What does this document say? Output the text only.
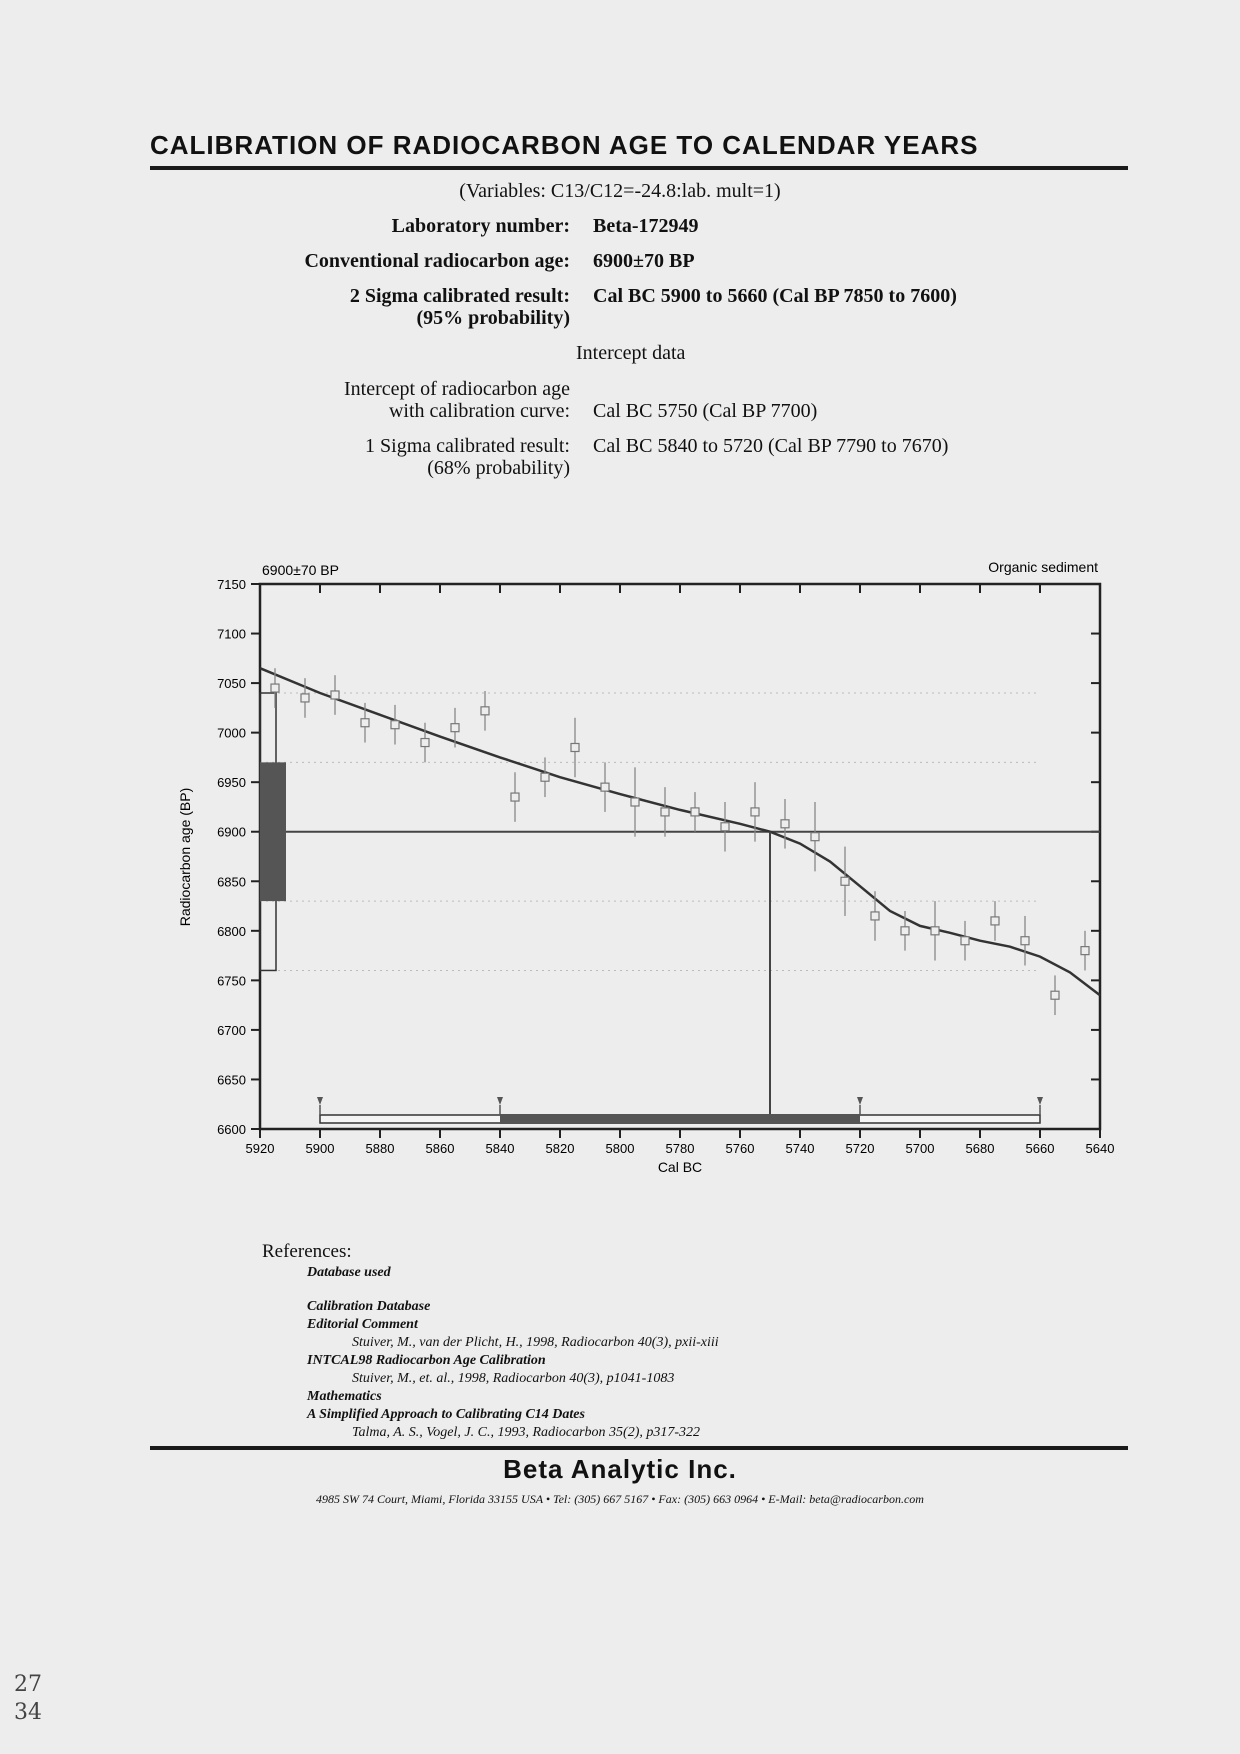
CALIBRATION OF RADIOCARBON AGE TO CALENDAR YEARS
(Variables: C13/C12=-24.8:lab. mult=1)
Laboratory number: Beta-172949
Conventional radiocarbon age: 6900±70 BP
2 Sigma calibrated result:
(95% probability)
Cal BC 5900 to 5660 (Cal BP 7850 to 7600)
Intercept data
Intercept of radiocarbon age
with calibration curve: Cal BC 5750 (Cal BP 7700)
1 Sigma calibrated result:
(68% probability)
Cal BC 5840 to 5720 (Cal BP 7790 to 7670)
6900±70 BP	Organic sediment
Cal BC
Radiocarbon age (BP)
6600
6650
6700
6750
6800
6850
6900
6950
7000
7050
7100
7150
5920 5900 5880 5860 5840 5820 5800 5780 5760 5740 5720 5700 5680 5660 5640
References:
Database used
Calibration Database
Editorial Comment
Stuiver, M., van der Plicht, H., 1998, Radiocarbon 40(3), pxii-xiii
INTCAL98 Radiocarbon Age Calibration
Stuiver, M., et. al., 1998, Radiocarbon 40(3), p1041-1083
Mathematics
A Simplified Approach to Calibrating C14 Dates
Talma, A. S., Vogel, J. C., 1993, Radiocarbon 35(2), p317-322
Beta Analytic Inc.
4985 SW 74 Court, Miami, Florida 33155 USA • Tel: (305) 667 5167 • Fax: (305) 663 0964 • E-Mail: beta@radiocarbon.com
27
34
